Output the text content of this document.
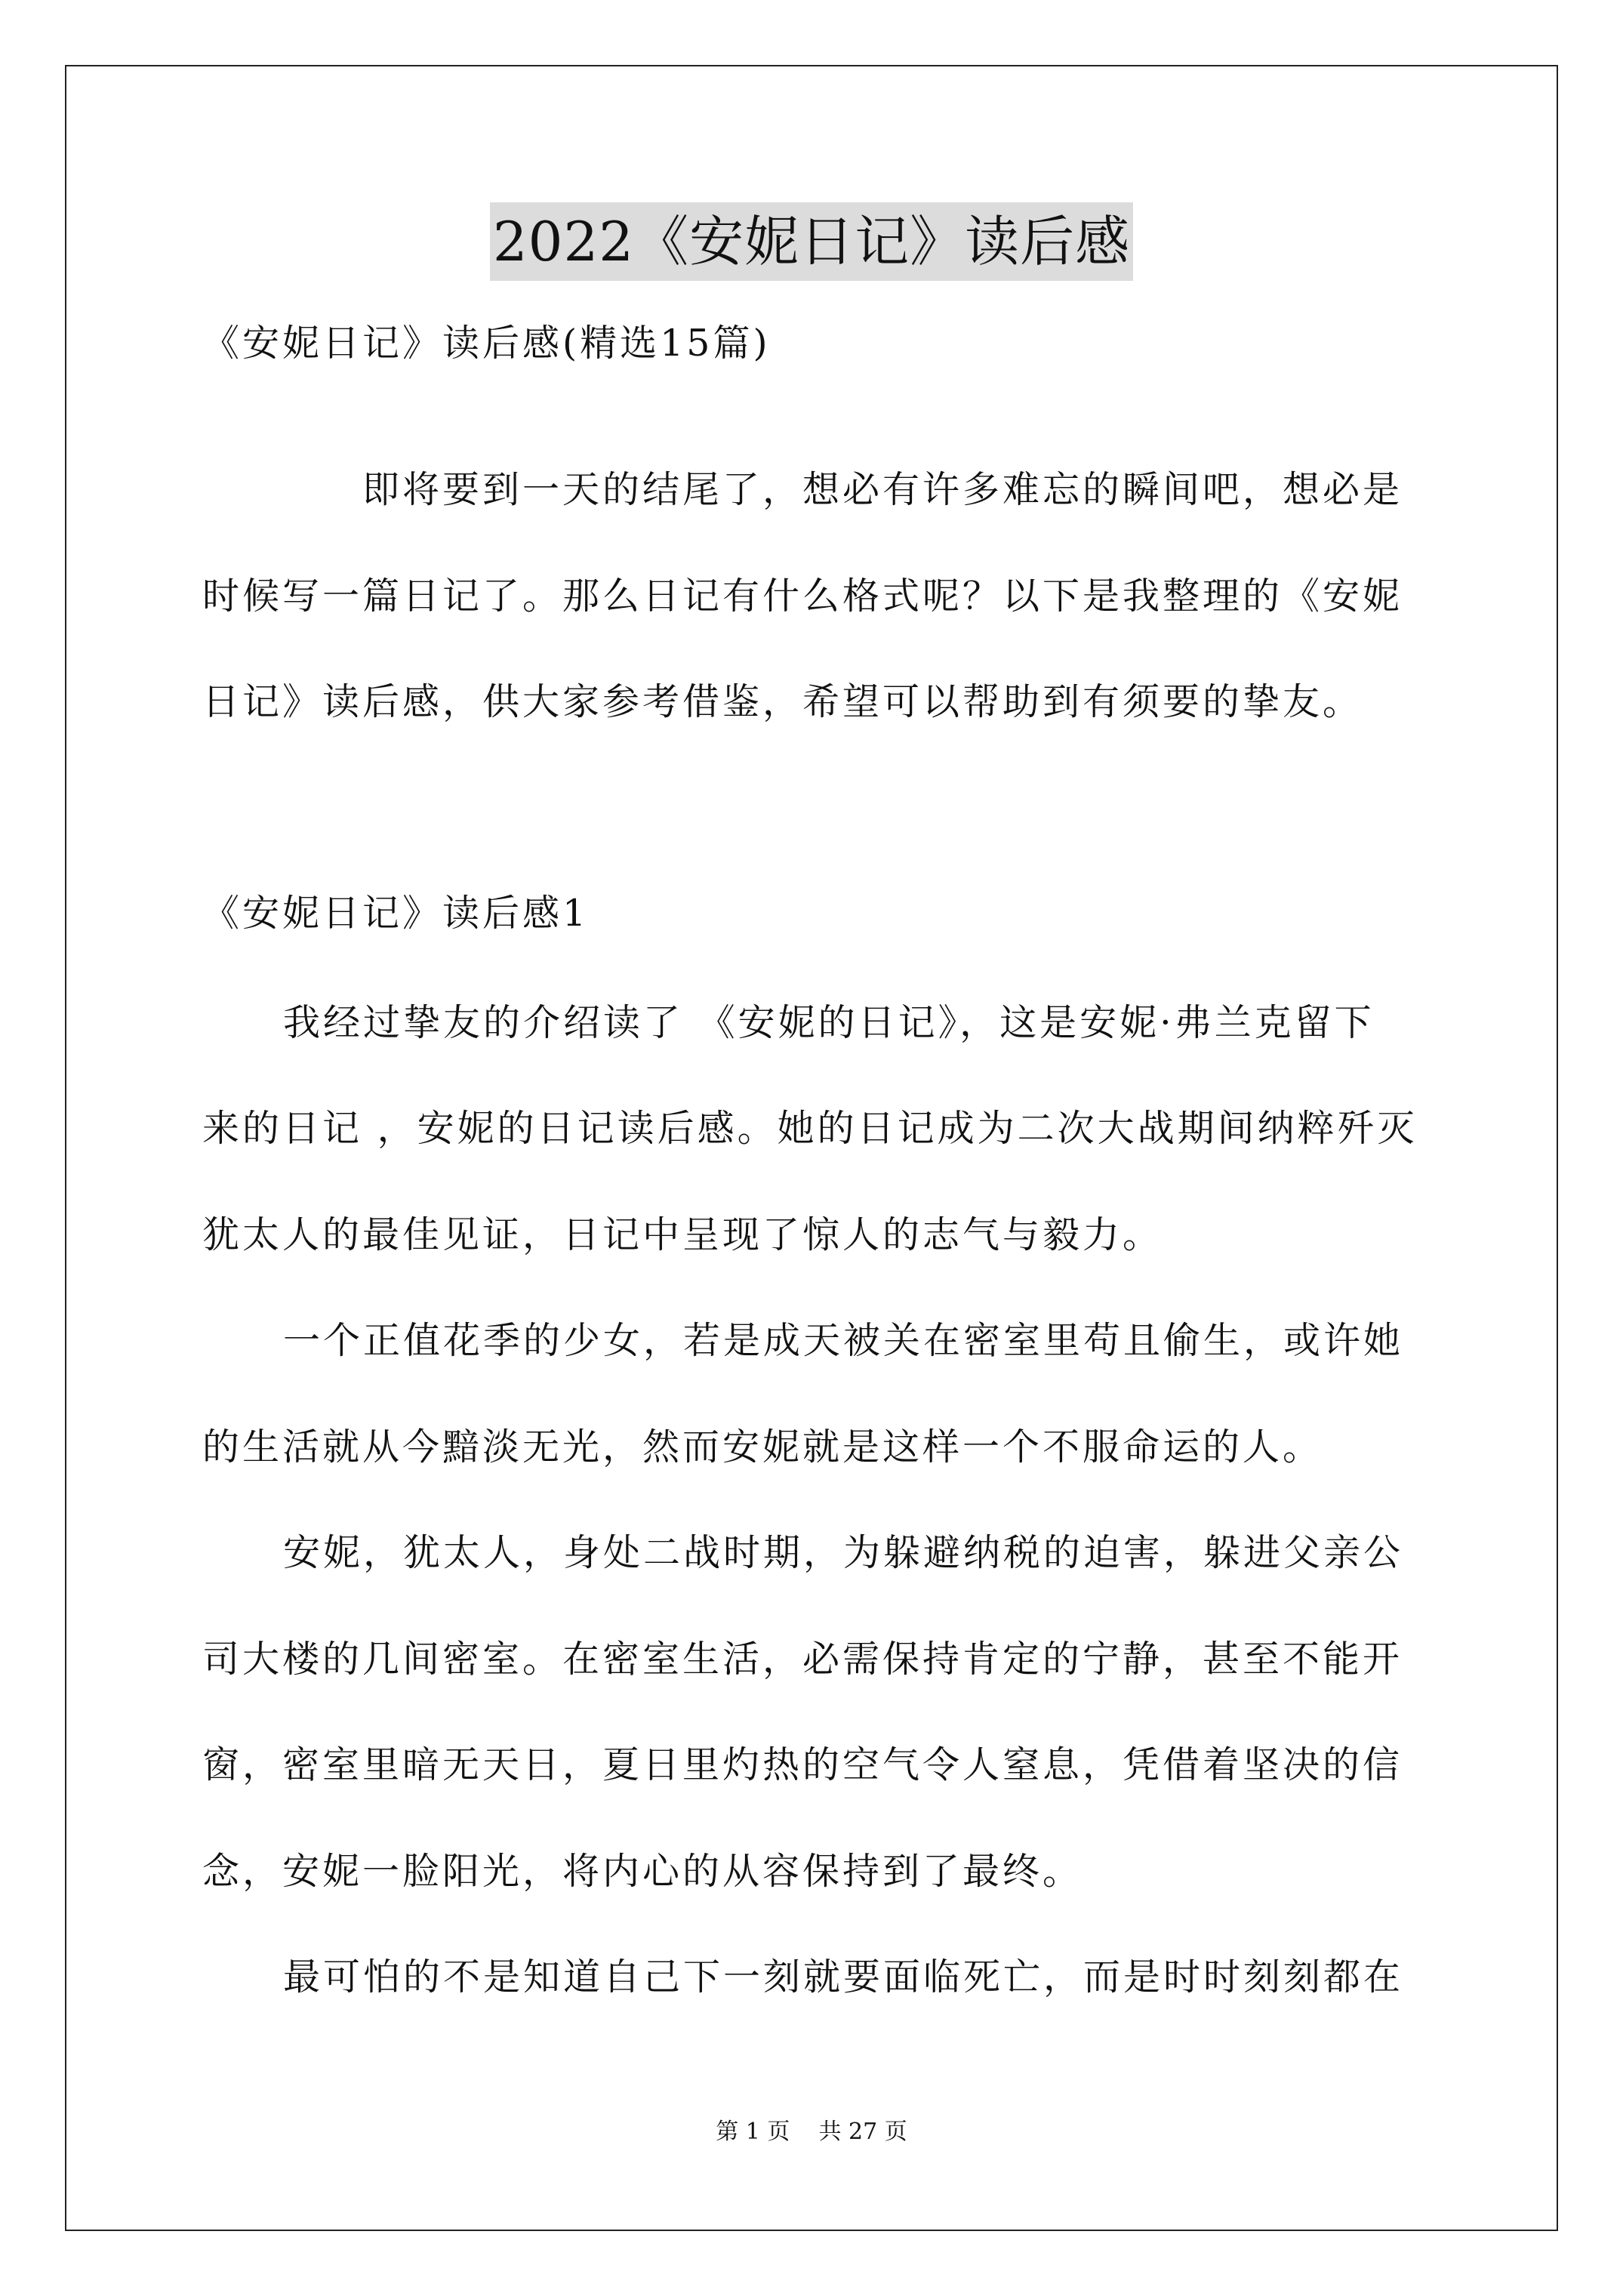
2022《安妮日记》读后感
《安妮日记》读后感(精选15篇)
即将要到一天的结尾了，想必有许多难忘的瞬间吧，想必是
时候写一篇日记了。那么日记有什么格式呢？以下是我整理的《安妮
日记》读后感，供大家参考借鉴，希望可以帮助到有须要的挚友。
《安妮日记》读后感1
我经过挚友的介绍读了 《安妮的日记》，这是安妮·弗兰克留下
来的日记 ，安妮的日记读后感。她的日记成为二次大战期间纳粹歼灭
犹太人的最佳见证，日记中呈现了惊人的志气与毅力。
一个正值花季的少女，若是成天被关在密室里苟且偷生，或许她
的生活就从今黯淡无光，然而安妮就是这样一个不服命运的人。
安妮，犹太人，身处二战时期，为躲避纳税的迫害，躲进父亲公
司大楼的几间密室。在密室生活，必需保持肯定的宁静，甚至不能开
窗，密室里暗无天日，夏日里灼热的空气令人窒息，凭借着坚决的信
念，安妮一脸阳光，将内心的从容保持到了最终。
最可怕的不是知道自己下一刻就要面临死亡，而是时时刻刻都在
第 1 页    共 27 页
